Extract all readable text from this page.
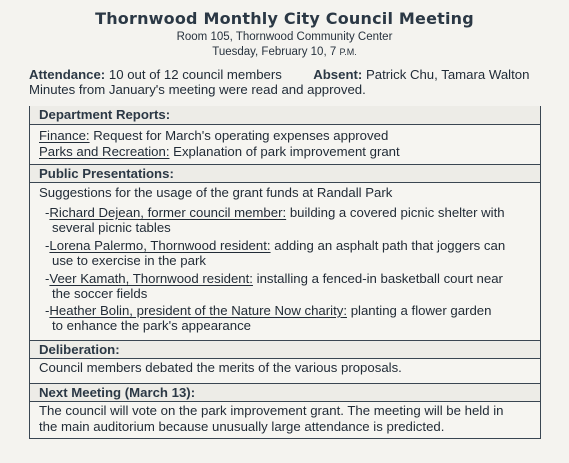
Thornwood Monthly City Council Meeting
Room 105, Thornwood Community Center
Tuesday, February 10, 7 P.M.
Attendance: 10 out of 12 council members Absent: Patrick Chu, Tamara Walton
Minutes from January's meeting were read and approved.
Department Reports:
Finance: Request for March's operating expenses approved
Parks and Recreation: Explanation of park improvement grant
Public Presentations:
Suggestions for the usage of the grant funds at Randall Park
-Richard Dejean, former council member: building a covered picnic shelter with
several picnic tables
-Lorena Palermo, Thornwood resident: adding an asphalt path that joggers can
use to exercise in the park
-Veer Kamath, Thornwood resident: installing a fenced-in basketball court near
the soccer fields
-Heather Bolin, president of the Nature Now charity: planting a flower garden
to enhance the park's appearance
Deliberation:
Council members debated the merits of the various proposals.
Next Meeting (March 13):
The council will vote on the park improvement grant. The meeting will be held in
the main auditorium because unusually large attendance is predicted.
